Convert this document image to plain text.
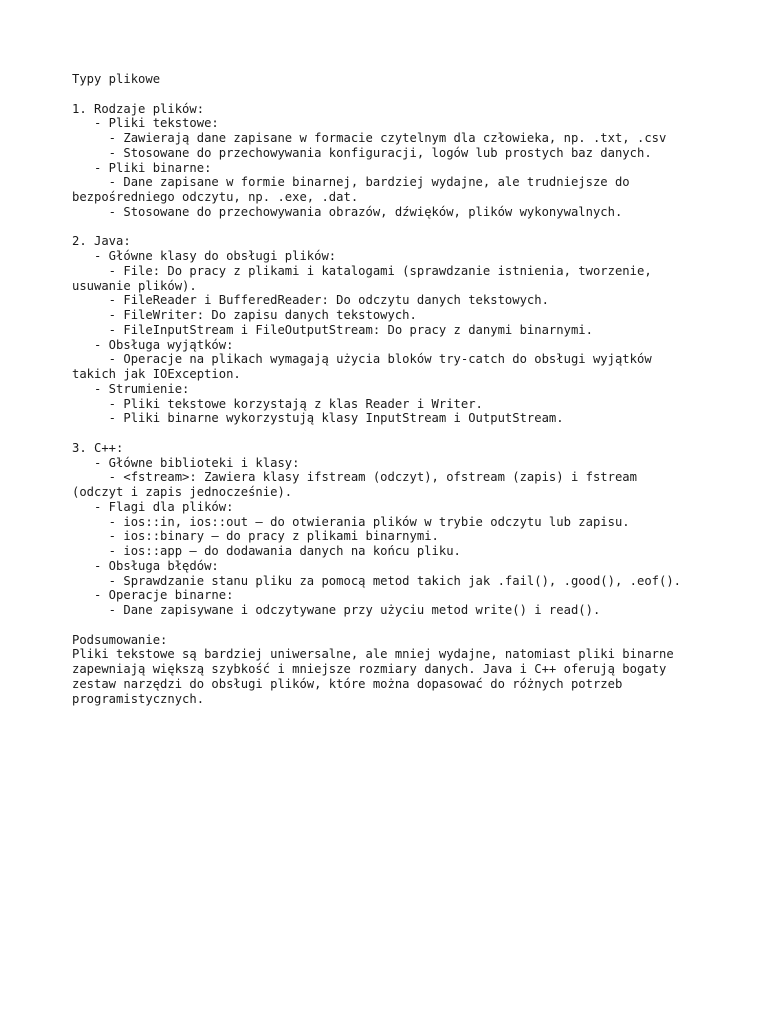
Typy plikowe
1. Rodzaje plików:
- Pliki tekstowe:
- Zawierają dane zapisane w formacie czytelnym dla człowieka, np. .txt, .csv
- Stosowane do przechowywania konfiguracji, logów lub prostych baz danych.
- Pliki binarne:
- Dane zapisane w formie binarnej, bardziej wydajne, ale trudniejsze do
bezpośredniego odczytu, np. .exe, .dat.
- Stosowane do przechowywania obrazów, dźwięków, plików wykonywalnych.
2. Java:
- Główne klasy do obsługi plików:
- File: Do pracy z plikami i katalogami (sprawdzanie istnienia, tworzenie,
usuwanie plików).
- FileReader i BufferedReader: Do odczytu danych tekstowych.
- FileWriter: Do zapisu danych tekstowych.
- FileInputStream i FileOutputStream: Do pracy z danymi binarnymi.
- Obsługa wyjątków:
- Operacje na plikach wymagają użycia bloków try-catch do obsługi wyjątków
takich jak IOException.
- Strumienie:
- Pliki tekstowe korzystają z klas Reader i Writer.
- Pliki binarne wykorzystują klasy InputStream i OutputStream.
3. C++:
- Główne biblioteki i klasy:
- <fstream>: Zawiera klasy ifstream (odczyt), ofstream (zapis) i fstream
(odczyt i zapis jednocześnie).
- Flagi dla plików:
- ios::in, ios::out — do otwierania plików w trybie odczytu lub zapisu.
- ios::binary — do pracy z plikami binarnymi.
- ios::app — do dodawania danych na końcu pliku.
- Obsługa błędów:
- Sprawdzanie stanu pliku za pomocą metod takich jak .fail(), .good(), .eof().
- Operacje binarne:
- Dane zapisywane i odczytywane przy użyciu metod write() i read().
Podsumowanie:
Pliki tekstowe są bardziej uniwersalne, ale mniej wydajne, natomiast pliki binarne
zapewniają większą szybkość i mniejsze rozmiary danych. Java i C++ oferują bogaty
zestaw narzędzi do obsługi plików, które można dopasować do różnych potrzeb
programistycznych.
